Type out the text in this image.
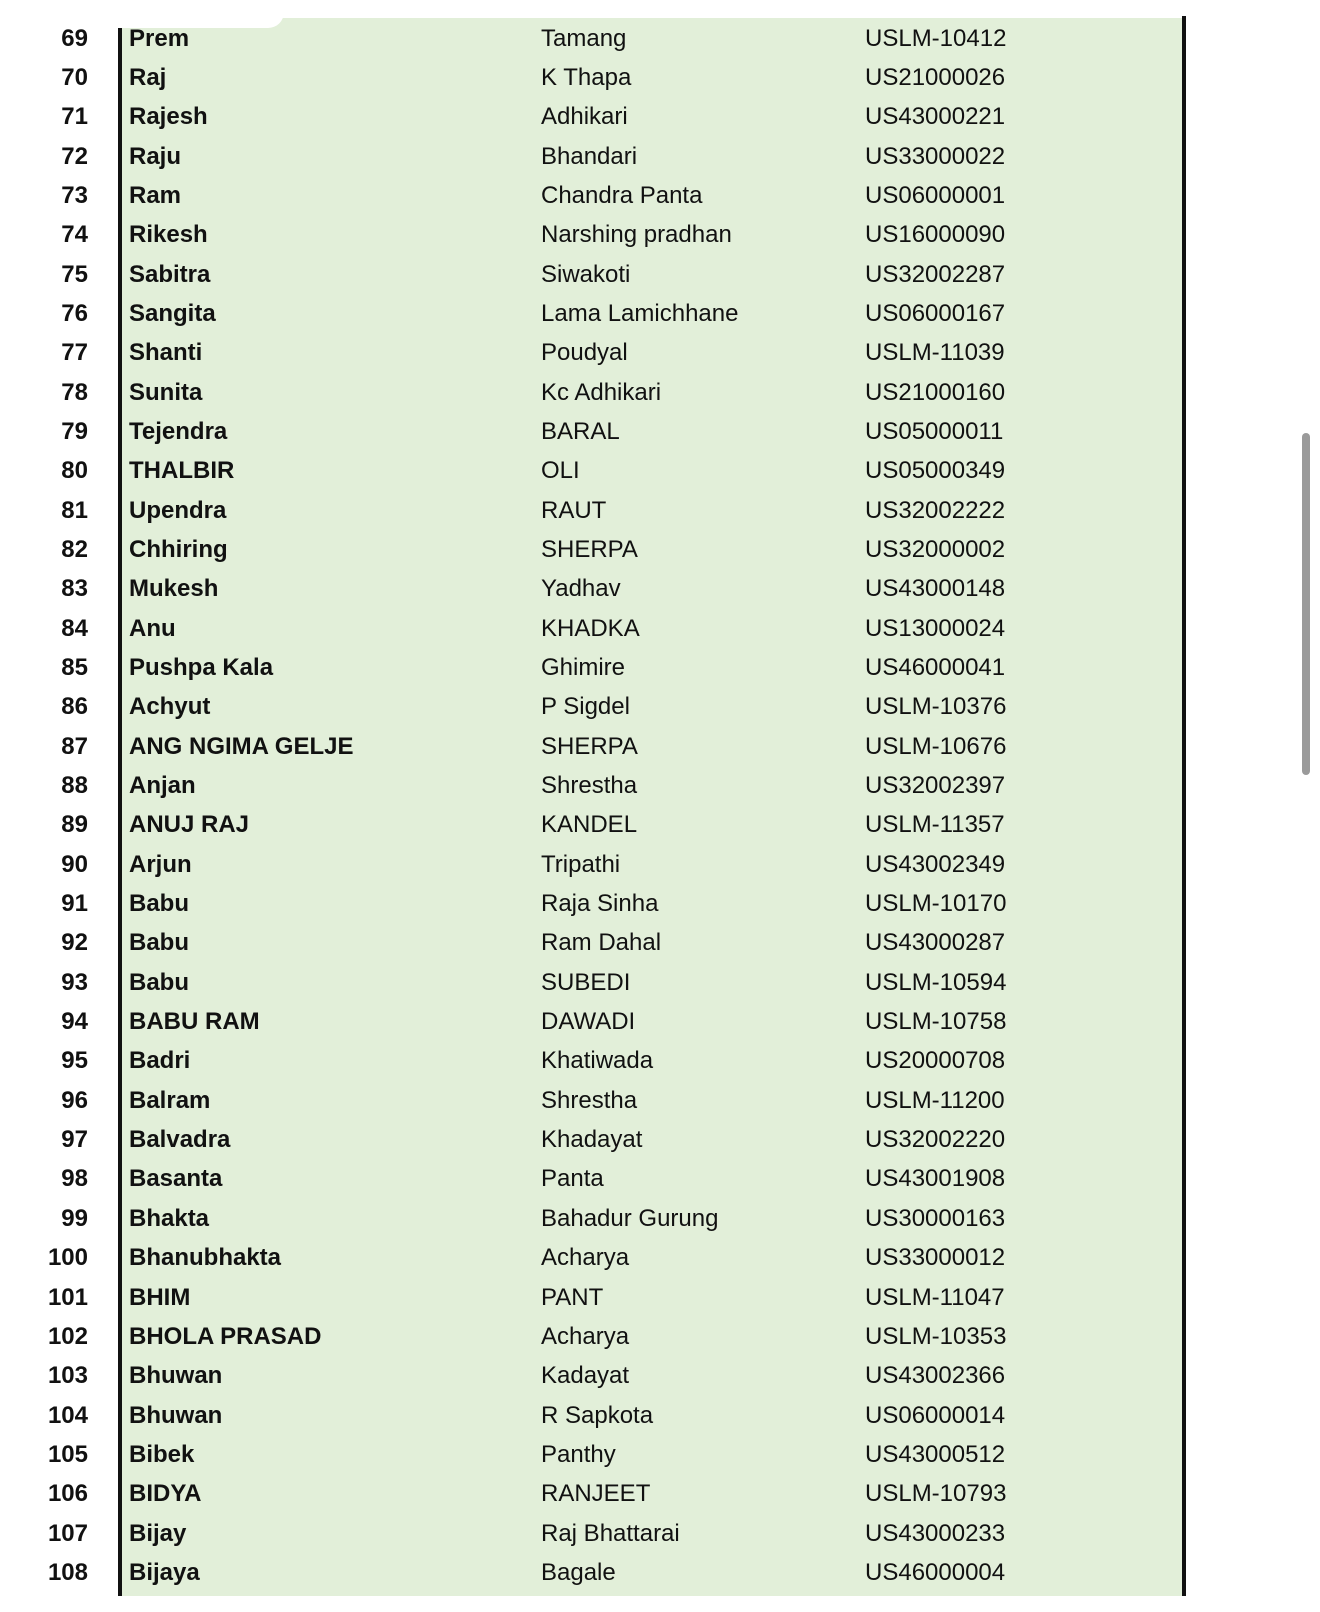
69 Prem	Tamang	USLM-10412
70 Raj	K Thapa	US21000026
71 Rajesh	Adhikari	US43000221
72 Raju	Bhandari	US33000022
73 Ram	Chandra Panta	US06000001
74 Rikesh	Narshing pradhan	US16000090
75 Sabitra	Siwakoti	US32002287
76 Sangita	Lama Lamichhane	US06000167
77 Shanti	Poudyal	USLM-11039
78 Sunita	Kc Adhikari	US21000160
79 Tejendra	BARAL	US05000011
80 THALBIR	OLI	US05000349
81 Upendra	RAUT	US32002222
82 Chhiring	SHERPA	US32000002
83 Mukesh	Yadhav	US43000148
84 Anu	KHADKA	US13000024
85 Pushpa Kala	Ghimire	US46000041
86 Achyut	P Sigdel	USLM-10376
87 ANG NGIMA GELJE	SHERPA	USLM-10676
88 Anjan	Shrestha	US32002397
89 ANUJ RAJ	KANDEL	USLM-11357
90 Arjun	Tripathi	US43002349
91 Babu	Raja Sinha	USLM-10170
92 Babu	Ram Dahal	US43000287
93 Babu	SUBEDI	USLM-10594
94 BABU RAM	DAWADI	USLM-10758
95 Badri	Khatiwada	US20000708
96 Balram	Shrestha	USLM-11200
97 Balvadra	Khadayat	US32002220
98 Basanta	Panta	US43001908
99 Bhakta	Bahadur Gurung	US30000163
100 Bhanubhakta	Acharya	US33000012
101 BHIM	PANT	USLM-11047
102 BHOLA PRASAD	Acharya	USLM-10353
103 Bhuwan	Kadayat	US43002366
104 Bhuwan	R Sapkota	US06000014
105 Bibek	Panthy	US43000512
106 BIDYA	RANJEET	USLM-10793
107 Bijay	Raj Bhattarai	US43000233
108 Bijaya	Bagale	US46000004
